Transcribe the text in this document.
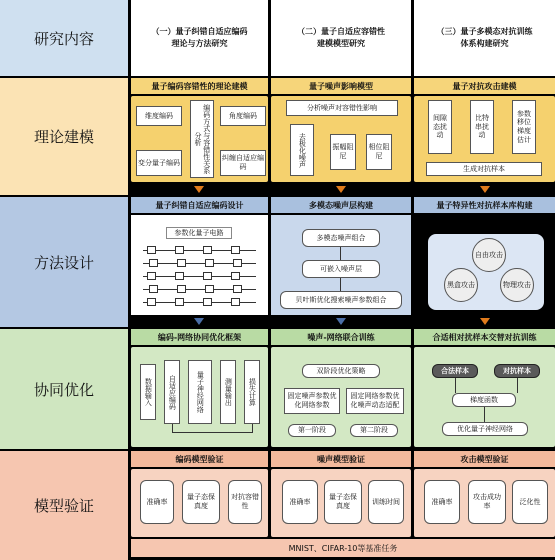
研究内容
理论建模
方法设计
协同优化
模型验证
（一）量子纠错自适应编码
理论与方法研究
（二）量子自适应容错性
建模模型研究
（三）量子多模态对抗训练
体系构建研究
量子编码容错性的理论建模	量子噪声影响模型	量子对抗攻击建模
维度编码	角度编码
变分量子编码
纠缠自适应编码
编码方式与容错性关系分析
分析噪声对容错性影响
去极化噪声	振幅阻尼
相位阻尼
间隙态扰动
比特串扰动
参数移位梯度估计
生成对抗样本
量子纠错自适应编码设计	多模态噪声层构建	量子特异性对抗样本库构建
参数化量子电路
多模态噪声组合
可嵌入噪声层
贝叶斯优化搜索噪声参数组合
自由攻击
黑盒攻击	物理攻击
编码-网络协同优化框架	噪声-网络联合训练	合适相对扰样本交替对抗训练
数据输入	自适应编码	量子神经网络	测量输出	损失计算
双阶段优化策略
固定噪声参数优化网络参数
固定网络参数优化噪声动态适配
第一阶段	第二阶段
合法样本	对抗样本
梯度函数
优化量子神经网络
编码模型验证	噪声模型验证	攻击模型验证
准确率
量子态保真度
对抗容错性
准确率
量子态保真度
训练时间	准确率
攻击成功率
泛化性
MNIST、CIFAR-10等基准任务
